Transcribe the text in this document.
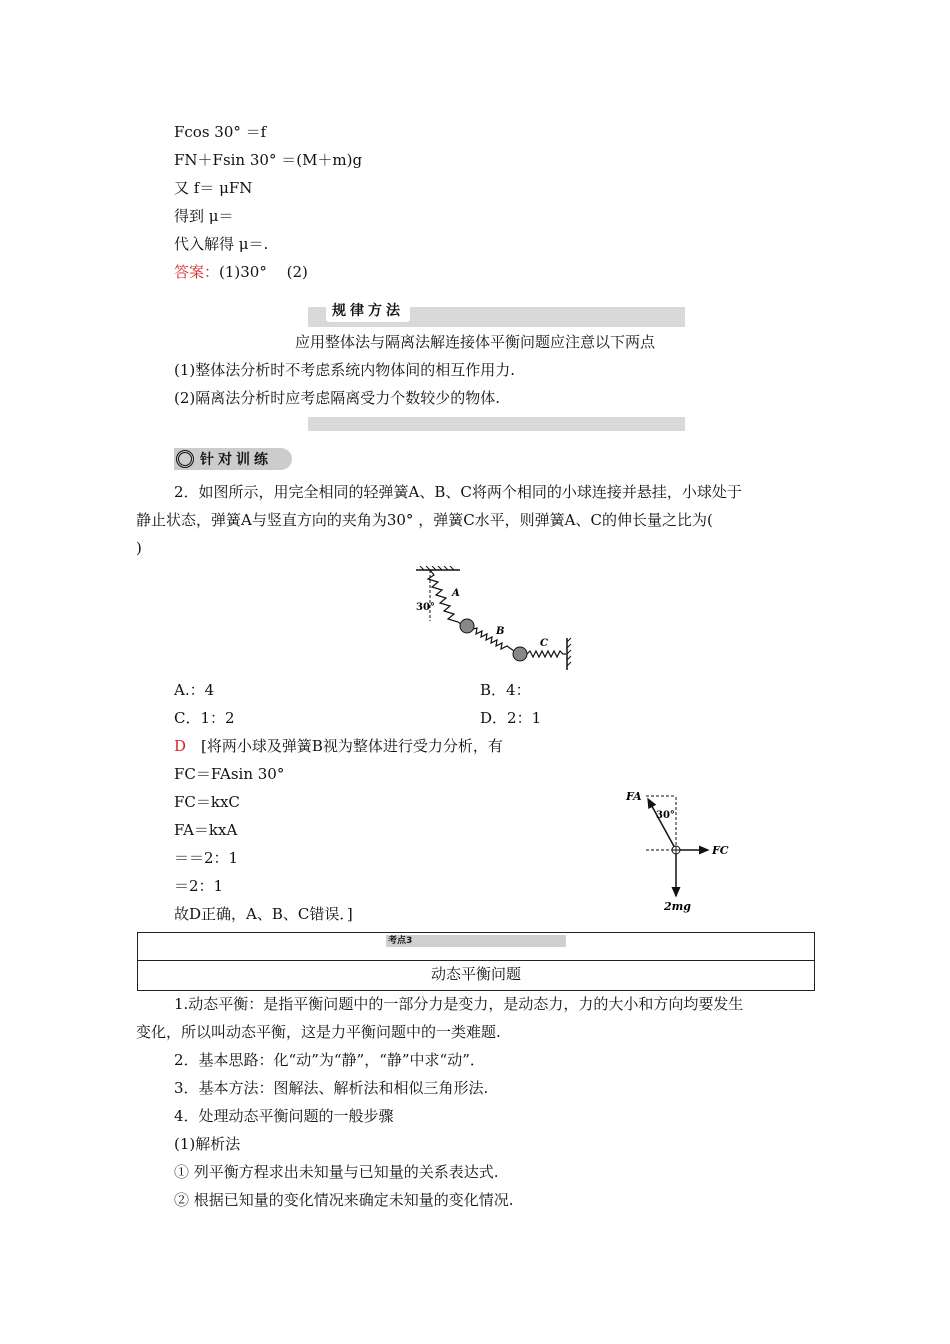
Fcos 30° ＝f
FN＋Fsin 30° ＝(M＋m)g
又 f＝ μFN
得到 μ＝
代入解得 μ＝.
答案：(1)30°　 (2)
规律方法
应用整体法与隔离法解连接体平衡问题应注意以下两点
(1)整体法分析时不考虑系统内物体间的相互作用力.
(2)隔离法分析时应考虑隔离受力个数较少的物体.
针对训练
2．如图所示，用完全相同的轻弹簧A、B、C将两个相同的小球连接并悬挂，小球处于
静止状态，弹簧A与竖直方向的夹角为30° ，弹簧C水平，则弹簧A、C的伸长量之比为(
)
30°
A
B
C
A.：4	B．4：
C．1：2	D．2：1
D　 [将两小球及弹簧B视为整体进行受力分析，有
FC＝FAsin 30°
FC＝kxC
FA＝kxA
＝＝2：1
＝2：1
故D正确，A、B、C错误．]
FA
30°
FC
2mg
考点3
动态平衡问题
1.动态平衡：是指平衡问题中的一部分力是变力，是动态力，力的大小和方向均要发生
变化，所以叫动态平衡，这是力平衡问题中的一类难题.
2．基本思路：化“动”为“静”，“静”中求“动”．
3．基本方法：图解法、解析法和相似三角形法.
4．处理动态平衡问题的一般步骤
(1)解析法
① 列平衡方程求出未知量与已知量的关系表达式.
② 根据已知量的变化情况来确定未知量的变化情况.
